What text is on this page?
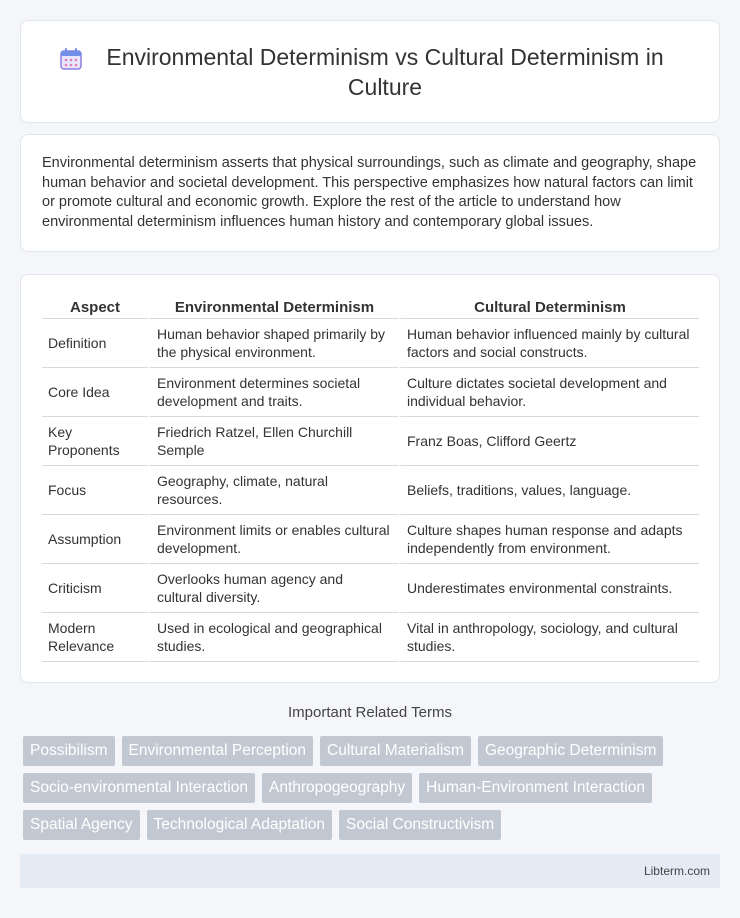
Environmental Determinism vs Cultural Determinism in Culture

Environmental determinism asserts that physical surroundings, such as climate and geography, shape human behavior and societal development. This perspective emphasizes how natural factors can limit or promote cultural and economic growth. Explore the rest of the article to understand how environmental determinism influences human history and contemporary global issues.

Aspect	Environmental Determinism	Cultural Determinism
Definition	Human behavior shaped primarily by the physical environment.	Human behavior influenced mainly by cultural factors and social constructs.
Core Idea	Environment determines societal development and traits.	Culture dictates societal development and individual behavior.
Key Proponents	Friedrich Ratzel, Ellen Churchill Semple	Franz Boas, Clifford Geertz
Focus	Geography, climate, natural resources.	Beliefs, traditions, values, language.
Assumption	Environment limits or enables cultural development.	Culture shapes human response and adapts independently from environment.
Criticism	Overlooks human agency and cultural diversity.	Underestimates environmental constraints.
Modern Relevance	Used in ecological and geographical studies.	Vital in anthropology, sociology, and cultural studies.
Important Related Terms
Possibilism	Environmental Perception	Cultural Materialism	Geographic Determinism
Socio-environmental Interaction	Anthropogeography	Human-Environment Interaction
Spatial Agency	Technological Adaptation	Social Constructivism
Libterm.com
